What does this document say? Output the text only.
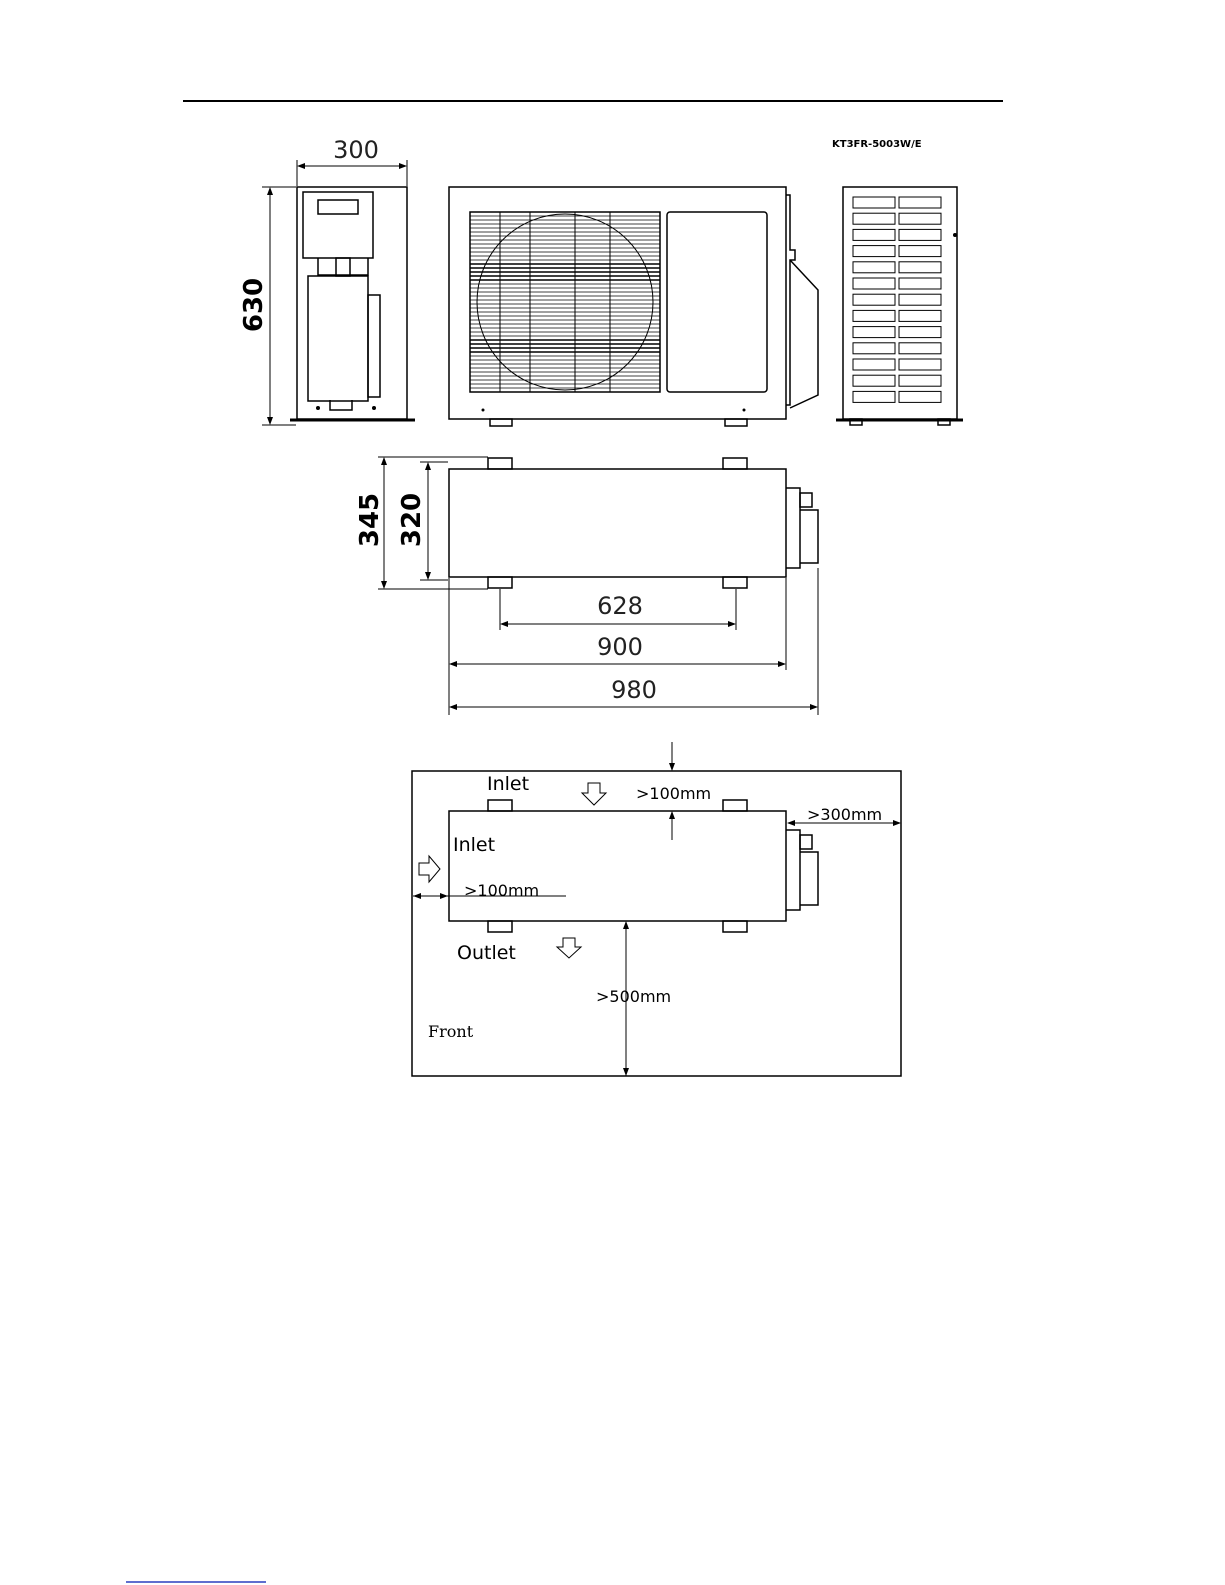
KT3FR-5003W/E
300
630
345 320
628
900
980
Inlet
Inlet
Outlet
Front
>100mm
>100mm
>300mm
>500mm
